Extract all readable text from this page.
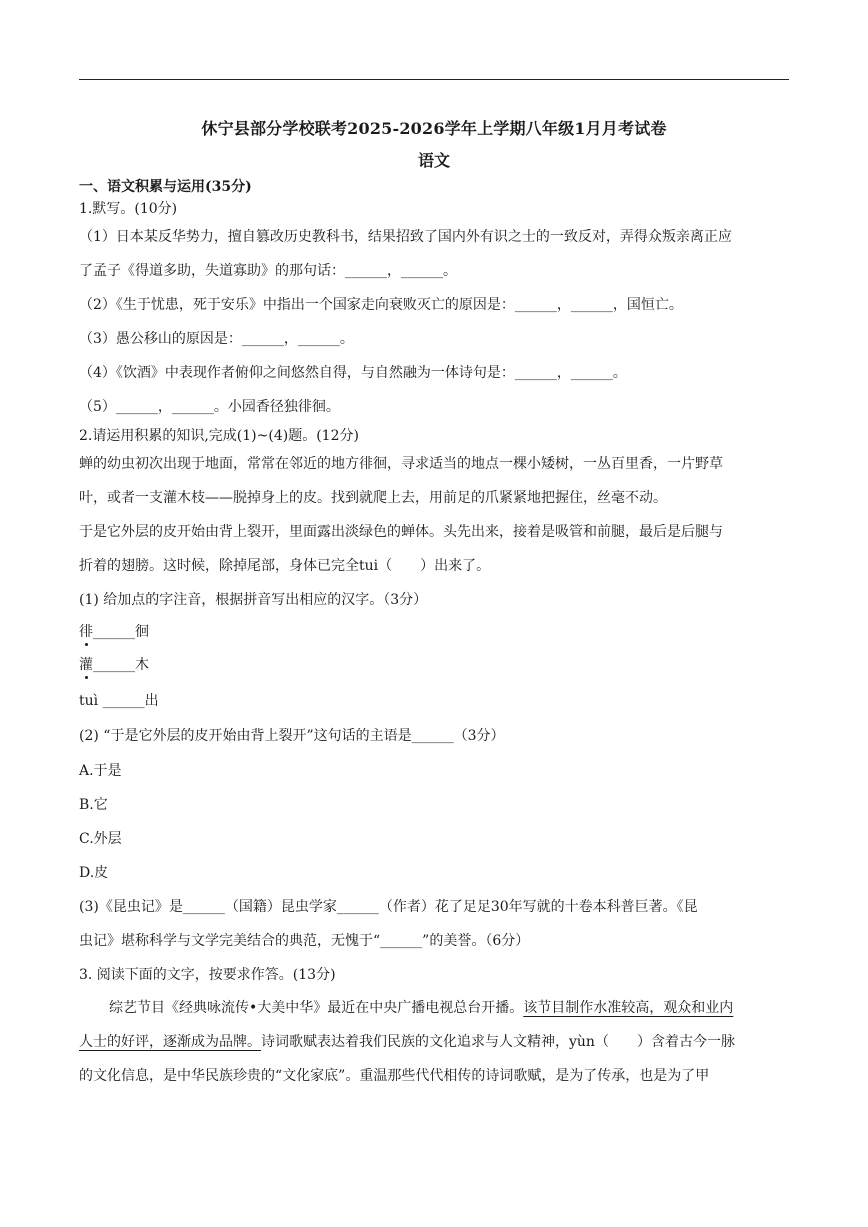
休宁县部分学校联考2025-2026学年上学期八年级1月月考试卷
语文
一、语文积累与运用(35分)
1.默写。(10分)
（1）日本某反华势力，擅自篡改历史教科书，结果招致了国内外有识之士的一致反对，弄得众叛亲离正应
了孟子《得道多助，失道寡助》的那句话：______，______。
（2）《生于忧患，死于安乐》中指出一个国家走向衰败灭亡的原因是：______，______，国恒亡。
（3）愚公移山的原因是：______，______。
（4）《饮酒》中表现作者俯仰之间悠然自得，与自然融为一体诗句是：______，______。
（5）______，______。小园香径独徘徊。
2.请运用积累的知识,完成(1)~(4)题。(12分)
蝉的幼虫初次出现于地面，常常在邻近的地方徘徊，寻求适当的地点一棵小矮树，一丛百里香，一片野草
叶，或者一支灌木枝——脱掉身上的皮。找到就爬上去，用前足的爪紧紧地把握住，丝毫不动。
于是它外层的皮开始由背上裂开，里面露出淡绿色的蝉体。头先出来，接着是吸管和前腿，最后是后腿与
折着的翅膀。这时候，除掉尾部，身体已完全tui（　　）出来了。
(1) 给加点的字注音，根据拼音写出相应的汉字。（3分）
徘______徊
灌______木
tuì ______出
(2) “于是它外层的皮开始由背上裂开”这句话的主语是______（3分）
A.于是
B.它
C.外层
D.皮
(3)《昆虫记》是______（国籍）昆虫学家______（作者）花了足足30年写就的十卷本科普巨著。《昆
虫记》堪称科学与文学完美结合的典范，无愧于“______”的美誉。（6分）
3. 阅读下面的文字，按要求作答。(13分)
综艺节目《经典咏流传•大美中华》最近在中央广播电视总台开播。该节目制作水准较高，观众和业内
人士的好评，逐渐成为品牌。诗词歌赋表达着我们民族的文化追求与人文精神，yùn（　　）含着古今一脉
的文化信息，是中华民族珍贵的“文化家底”。重温那些代代相传的诗词歌赋，是为了传承，也是为了甲
